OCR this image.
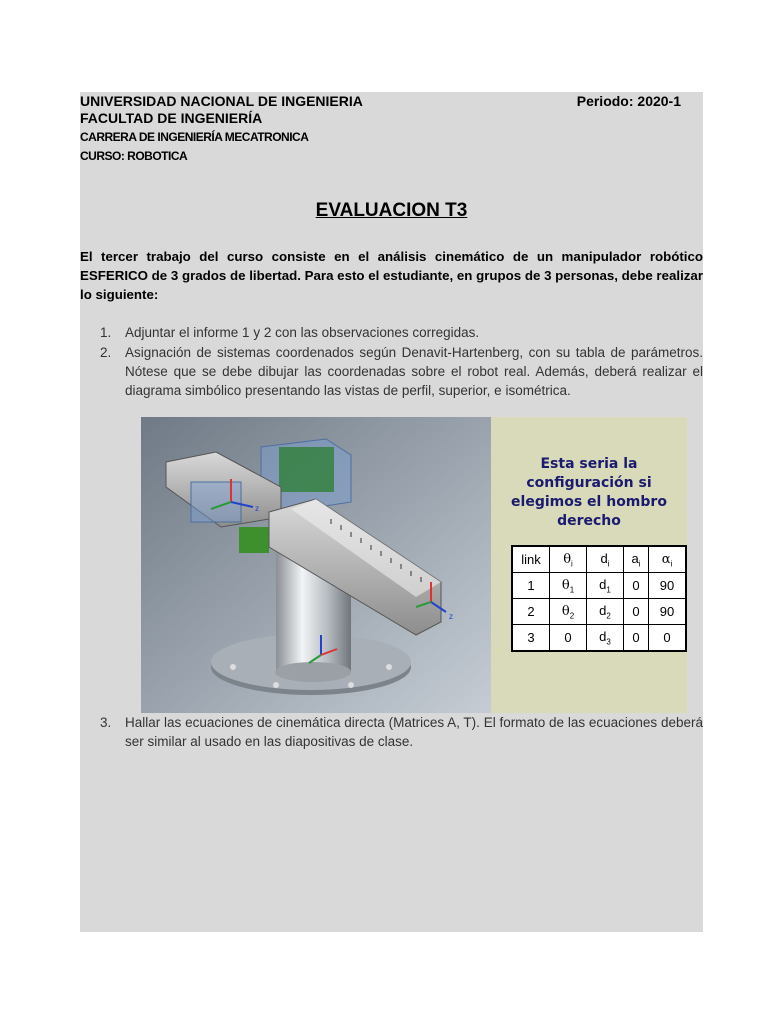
UNIVERSIDAD NACIONAL DE INGENIERIA	Periodo: 2020-1
FACULTAD DE INGENIERÍA
CARRERA DE INGENIERÍA MECATRONICA
CURSO: ROBOTICA
EVALUACION T3
El tercer trabajo del curso consiste en el análisis cinemático de un manipulador robótico ESFERICO de 3 grados de libertad. Para esto el estudiante, en grupos de 3 personas, debe realizar lo siguiente:
1. Adjuntar el informe 1 y 2 con las observaciones corregidas.
2. Asignación de sistemas coordenados según Denavit-Hartenberg, con su tabla de parámetros. Nótese que se debe dibujar las coordenadas sobre el robot real. Además, deberá realizar el diagrama simbólico presentando las vistas de perfil, superior, e isométrica.
z
z
Esta seria la
configuración si
elegimos el hombro
derecho
link	$\theta_i$	$d_i$	$a_i$	$\alpha_i$
1	$\theta_1$	$d_1$	0	90
2	$\theta_2$	$d_2$	0	90
3	0	$d_3$	0	0
3. Hallar las ecuaciones de cinemática directa (Matrices A, T). El formato de las ecuaciones deberá ser similar al usado en las diapositivas de clase.
